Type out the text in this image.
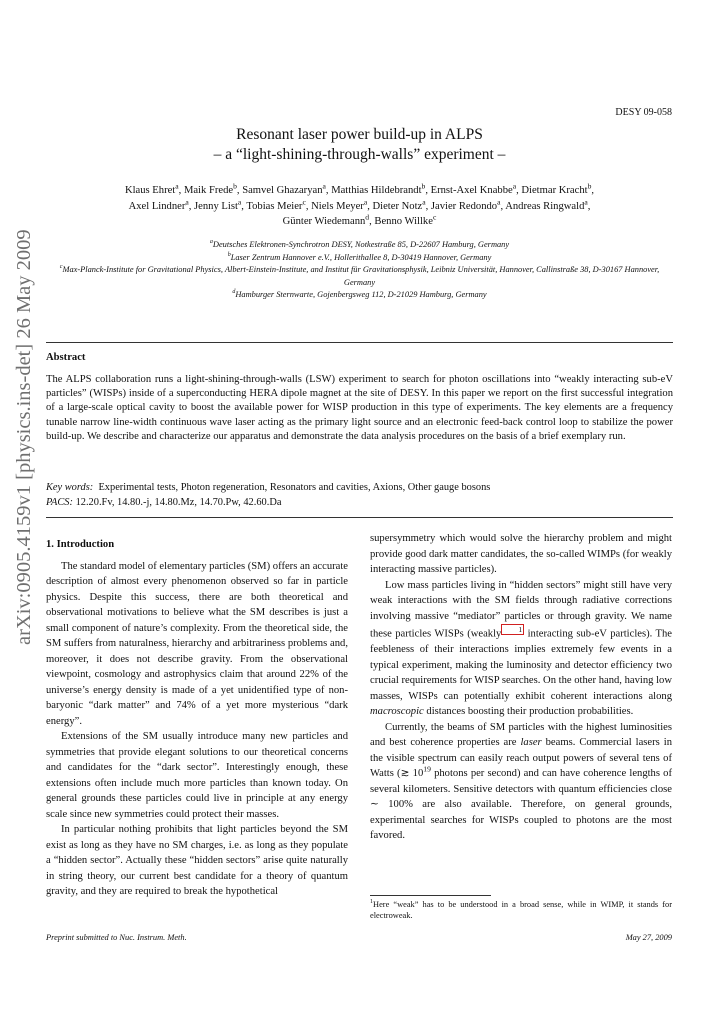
DESY 09-058
Resonant laser power build-up in ALPS
– a “light-shining-through-walls” experiment –
Klaus Ehret$^a$, Maik Frede$^b$, Samvel Ghazaryan$^a$, Matthias Hildebrandt$^b$, Ernst-Axel Knabbe$^a$, Dietmar Kracht$^b$,
Axel Lindner$^a$, Jenny List$^a$, Tobias Meier$^c$, Niels Meyer$^a$, Dieter Notz$^a$, Javier Redondo$^a$, Andreas Ringwald$^a$,
Günter Wiedemann$^d$, Benno Willke$^c$
$^a$Deutsches Elektronen-Synchrotron DESY, Notkestraße 85, D-22607 Hamburg, Germany
$^b$Laser Zentrum Hannover e.V., Hollerithallee 8, D-30419 Hannover, Germany
$^c$Max-Planck-Institute for Gravitational Physics, Albert-Einstein-Institute, and Institut für Gravitationsphysik, Leibniz Universität, Hannover, Callinstraße 38, D-30167 Hannover, Germany
$^d$Hamburger Sternwarte, Gojenbergsweg 112, D-21029 Hamburg, Germany
arXiv:0905.4159v1 [physics.ins-det] 26 May 2009	Abstract
The ALPS collaboration runs a light-shining-through-walls (LSW) experiment to search for photon oscillations into “weakly interacting sub-eV particles” (WISPs) inside of a superconducting HERA dipole magnet at the site of DESY. In this paper we report on the first successful integration of a large-scale optical cavity to boost the available power for WISP production in this type of experiments. The key elements are a frequency tunable narrow line-width continuous wave laser acting as the primary light source and an electronic feed-back control loop to stabilize the power build-up. We describe and characterize our apparatus and demonstrate the data analysis procedures on the basis of a brief exemplary run.
Key words: Experimental tests, Photon regeneration, Resonators and cavities, Axions, Other gauge bosons
PACS: 12.20.Fv, 14.80.-j, 14.80.Mz, 14.70.Pw, 42.60.Da

1. Introduction

The standard model of elementary particles (SM) offers an accurate description of almost every phenomenon observed so far in particle physics. Despite this success, there are both theoretical and observational motivations to believe what the SM describes is just a small component of nature’s complexity. From the theoretical side, the SM suffers from naturalness, hierarchy and arbitrariness problems and, moreover, it does not describe gravity. From the observational viewpoint, cosmology and astrophysics claim that around 22% of the universe’s energy density is made of a yet unidentified type of non-baryonic “dark matter” and 74% of a yet more mysterious “dark energy”.

Extensions of the SM usually introduce many new particles and symmetries that provide elegant solutions to our theoretical concerns and candidates for the “dark sector”. Interestingly enough, these extensions often include much more particles than known today. On general grounds these particles could live in principle at any energy scale since new symmetries could protect their masses.

In particular nothing prohibits that light particles beyond the SM exist as long as they have no SM charges, i.e. as long as they populate a “hidden sector”. Actually these “hidden sectors” arise quite naturally in string theory, our current best candidate for a theory of quantum gravity, and they are required to break the hypothetical

supersymmetry which would solve the hierarchy problem and might provide good dark matter candidates, the so-called WIMPs (for weakly interacting massive particles).

Low mass particles living in “hidden sectors” might still have very weak interactions with the SM fields through radiative corrections involving massive “mediator” particles or through gravity. We name these particles WISPs (weakly $^1$ interacting sub-eV particles). The feebleness of their interactions implies extremely few events in a typical experiment, making the luminosity and detector efficiency two crucial requirements for WISP searches. On the other hand, having low masses, WISPs can potentially exhibit coherent interactions along macroscopic distances boosting their production probabilities.

Currently, the beams of SM particles with the highest luminosities and best coherence properties are laser beams. Commercial lasers in the visible spectrum can easily reach output powers of several tens of Watts (≳ $10^{19}$ photons per second) and can have coherence lengths of several kilometers. Sensitive detectors with quantum efficiencies close ∼ 100% are also available. Therefore, on general grounds, experimental searches for WISPs coupled to photons are the most favored.

$^1$Here “weak” has to be understood in a broad sense, while in WIMP, it stands for electroweak.
Preprint submitted to Nuc. Instrum. Meth.	May 27, 2009
